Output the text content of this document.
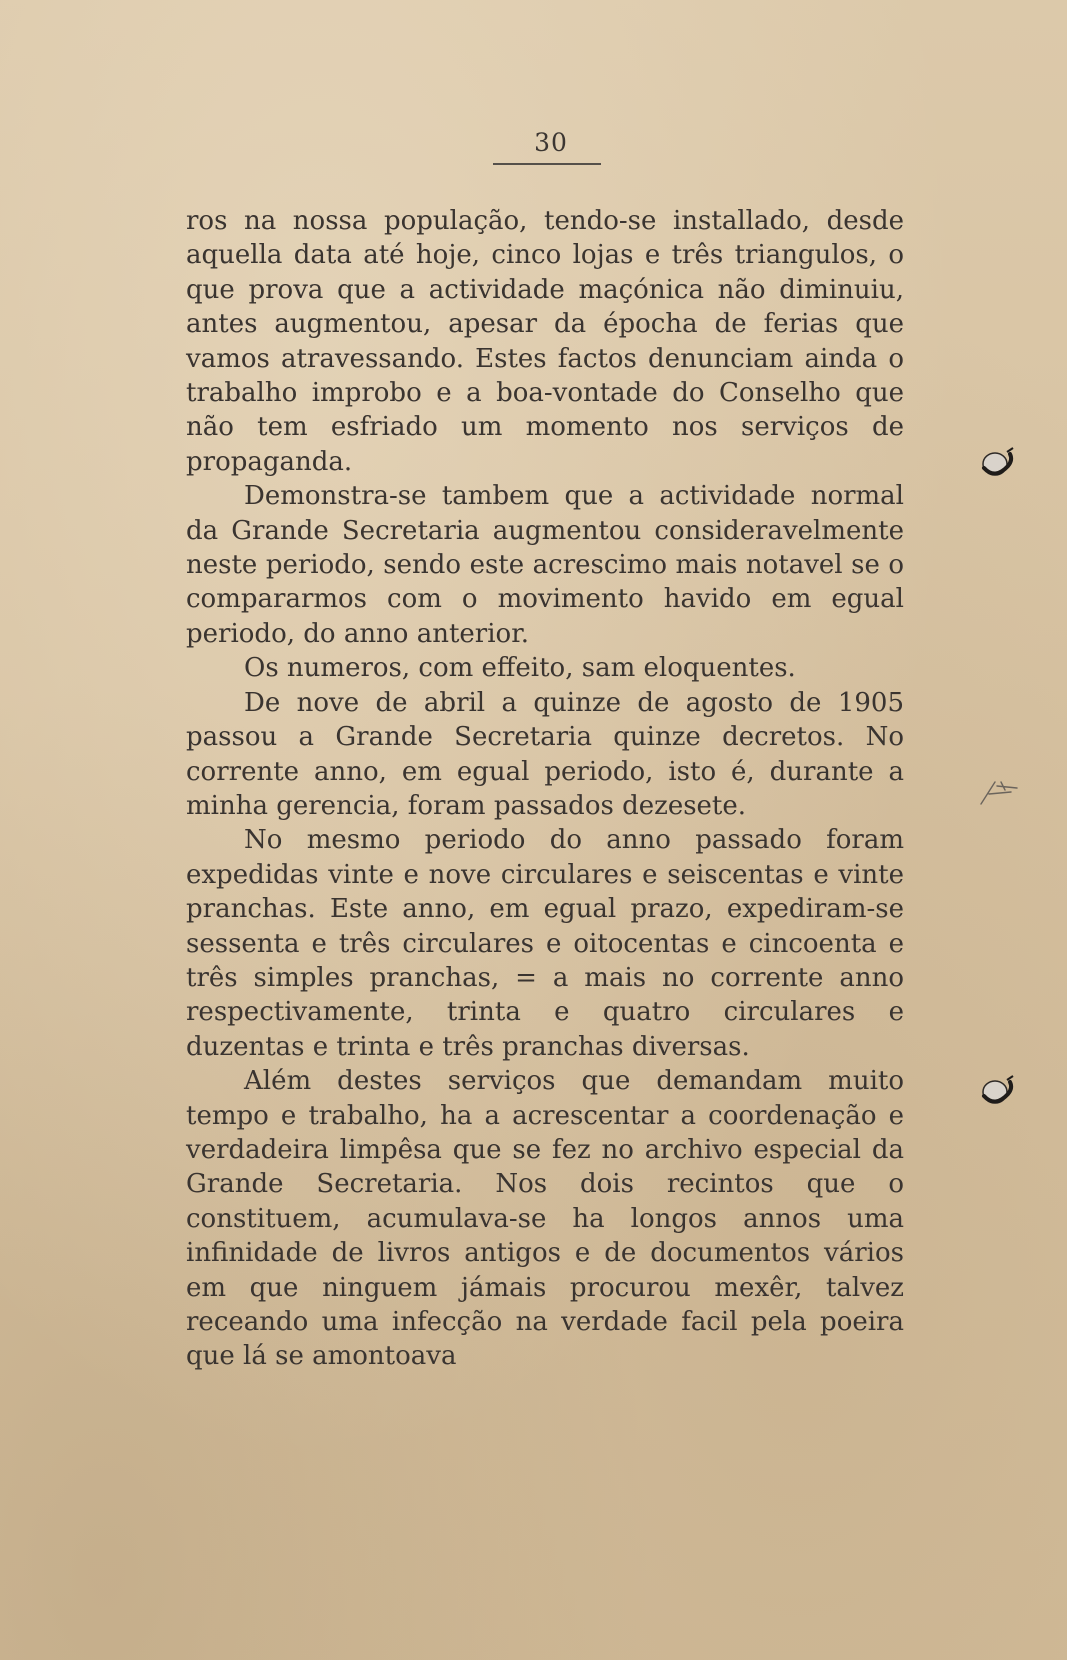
30

ros na nossa população, tendo-se installado, desde aquella data até hoje, cinco lojas e três triangulos, o que prova que a actividade maçónica não diminuiu, antes augmentou, apesar da épocha de ferias que vamos atravessando. Estes factos denunciam ainda o trabalho improbo e a boa-vontade do Conselho que não tem esfriado um momento nos serviços de propaganda.

Demonstra-se tambem que a actividade normal da Grande Secretaria augmentou consideravelmente neste periodo, sendo este acrescimo mais notavel se o compararmos com o movimento havido em egual periodo, do anno anterior.

Os numeros, com effeito, sam eloquentes.

De nove de abril a quinze de agosto de 1905 passou a Grande Secretaria quinze decretos. No corrente anno, em egual periodo, isto é, durante a minha gerencia, foram passados dezesete.

No mesmo periodo do anno passado foram expedidas vinte e nove circulares e seiscentas e vinte pranchas. Este anno, em egual prazo, expediram-se sessenta e três circulares e oitocentas e cincoenta e três simples pranchas, = a mais no corrente anno respectivamente, trinta e quatro circulares e duzentas e trinta e três pranchas diversas.

Além destes serviços que demandam muito tempo e trabalho, ha a acrescentar a coordenação e verdadeira limpêsa que se fez no archivo especial da Grande Secretaria. Nos dois recintos que o constituem, acumulava-se ha longos annos uma infinidade de livros antigos e de documentos vários em que ninguem jámais procurou mexêr, talvez receando uma infecção na verdade facil pela poeira que lá se amontoava
